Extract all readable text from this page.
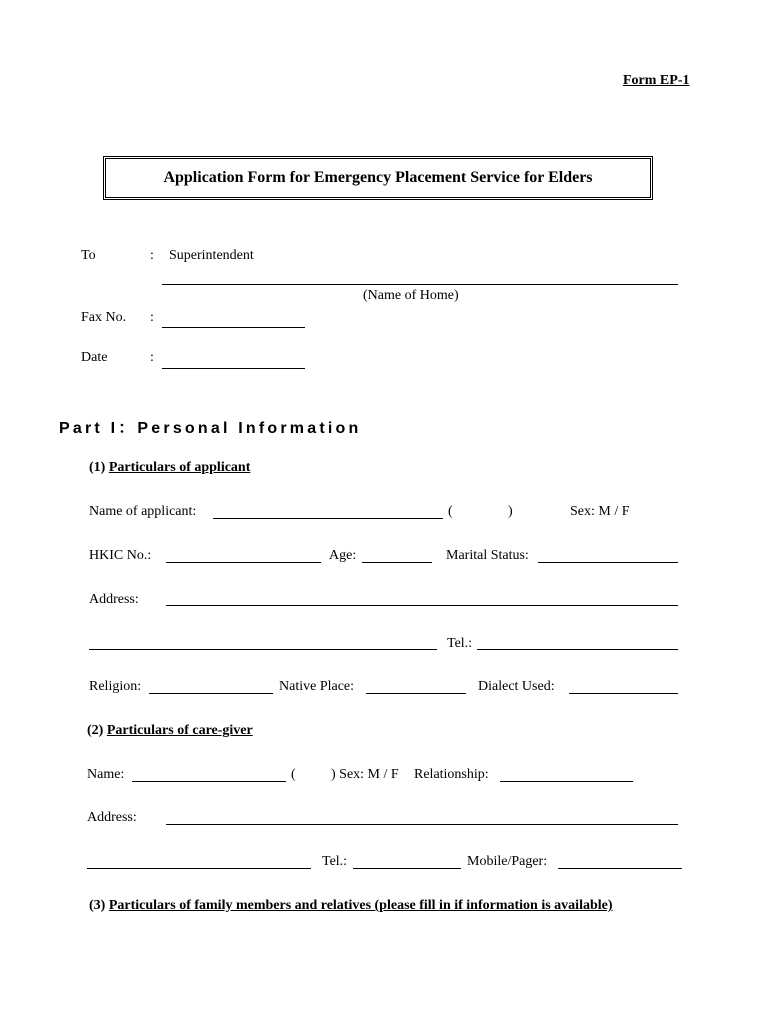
Form EP-1
Application Form for Emergency Placement Service for Elders
To	: Superintendent
(Name of Home)
Fax No. :
Date	:
Part I：Personal Information
(1) Particulars of applicant
Name of applicant:	(	)	Sex: M / F
HKIC No.:	Age:	Marital Status:
Address:
Tel.:
Religion:	Native Place:	Dialect Used:
(2) Particulars of care-giver
Name:	(	) Sex: M / F Relationship:
Address:
Tel.:	Mobile/Pager:
(3) Particulars of family members and relatives (please fill in if information is available)
